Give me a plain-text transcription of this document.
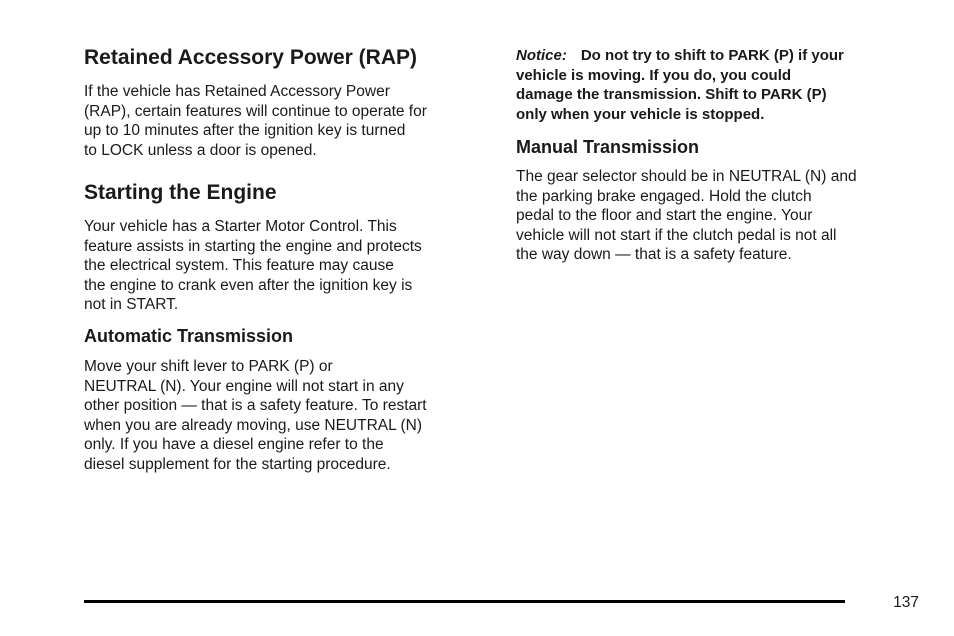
Retained Accessory Power (RAP)
If the vehicle has Retained Accessory Power
(RAP), certain features will continue to operate for
up to 10 minutes after the ignition key is turned
to LOCK unless a door is opened.
Starting the Engine
Your vehicle has a Starter Motor Control. This
feature assists in starting the engine and protects
the electrical system. This feature may cause
the engine to crank even after the ignition key is
not in START.
Automatic Transmission
Move your shift lever to PARK (P) or
NEUTRAL (N). Your engine will not start in any
other position — that is a safety feature. To restart
when you are already moving, use NEUTRAL (N)
only. If you have a diesel engine refer to the
diesel supplement for the starting procedure.
Notice: Do not try to shift to PARK (P) if your
vehicle is moving. If you do, you could
damage the transmission. Shift to PARK (P)
only when your vehicle is stopped.
Manual Transmission
The gear selector should be in NEUTRAL (N) and
the parking brake engaged. Hold the clutch
pedal to the floor and start the engine. Your
vehicle will not start if the clutch pedal is not all
the way down — that is a safety feature.
137
